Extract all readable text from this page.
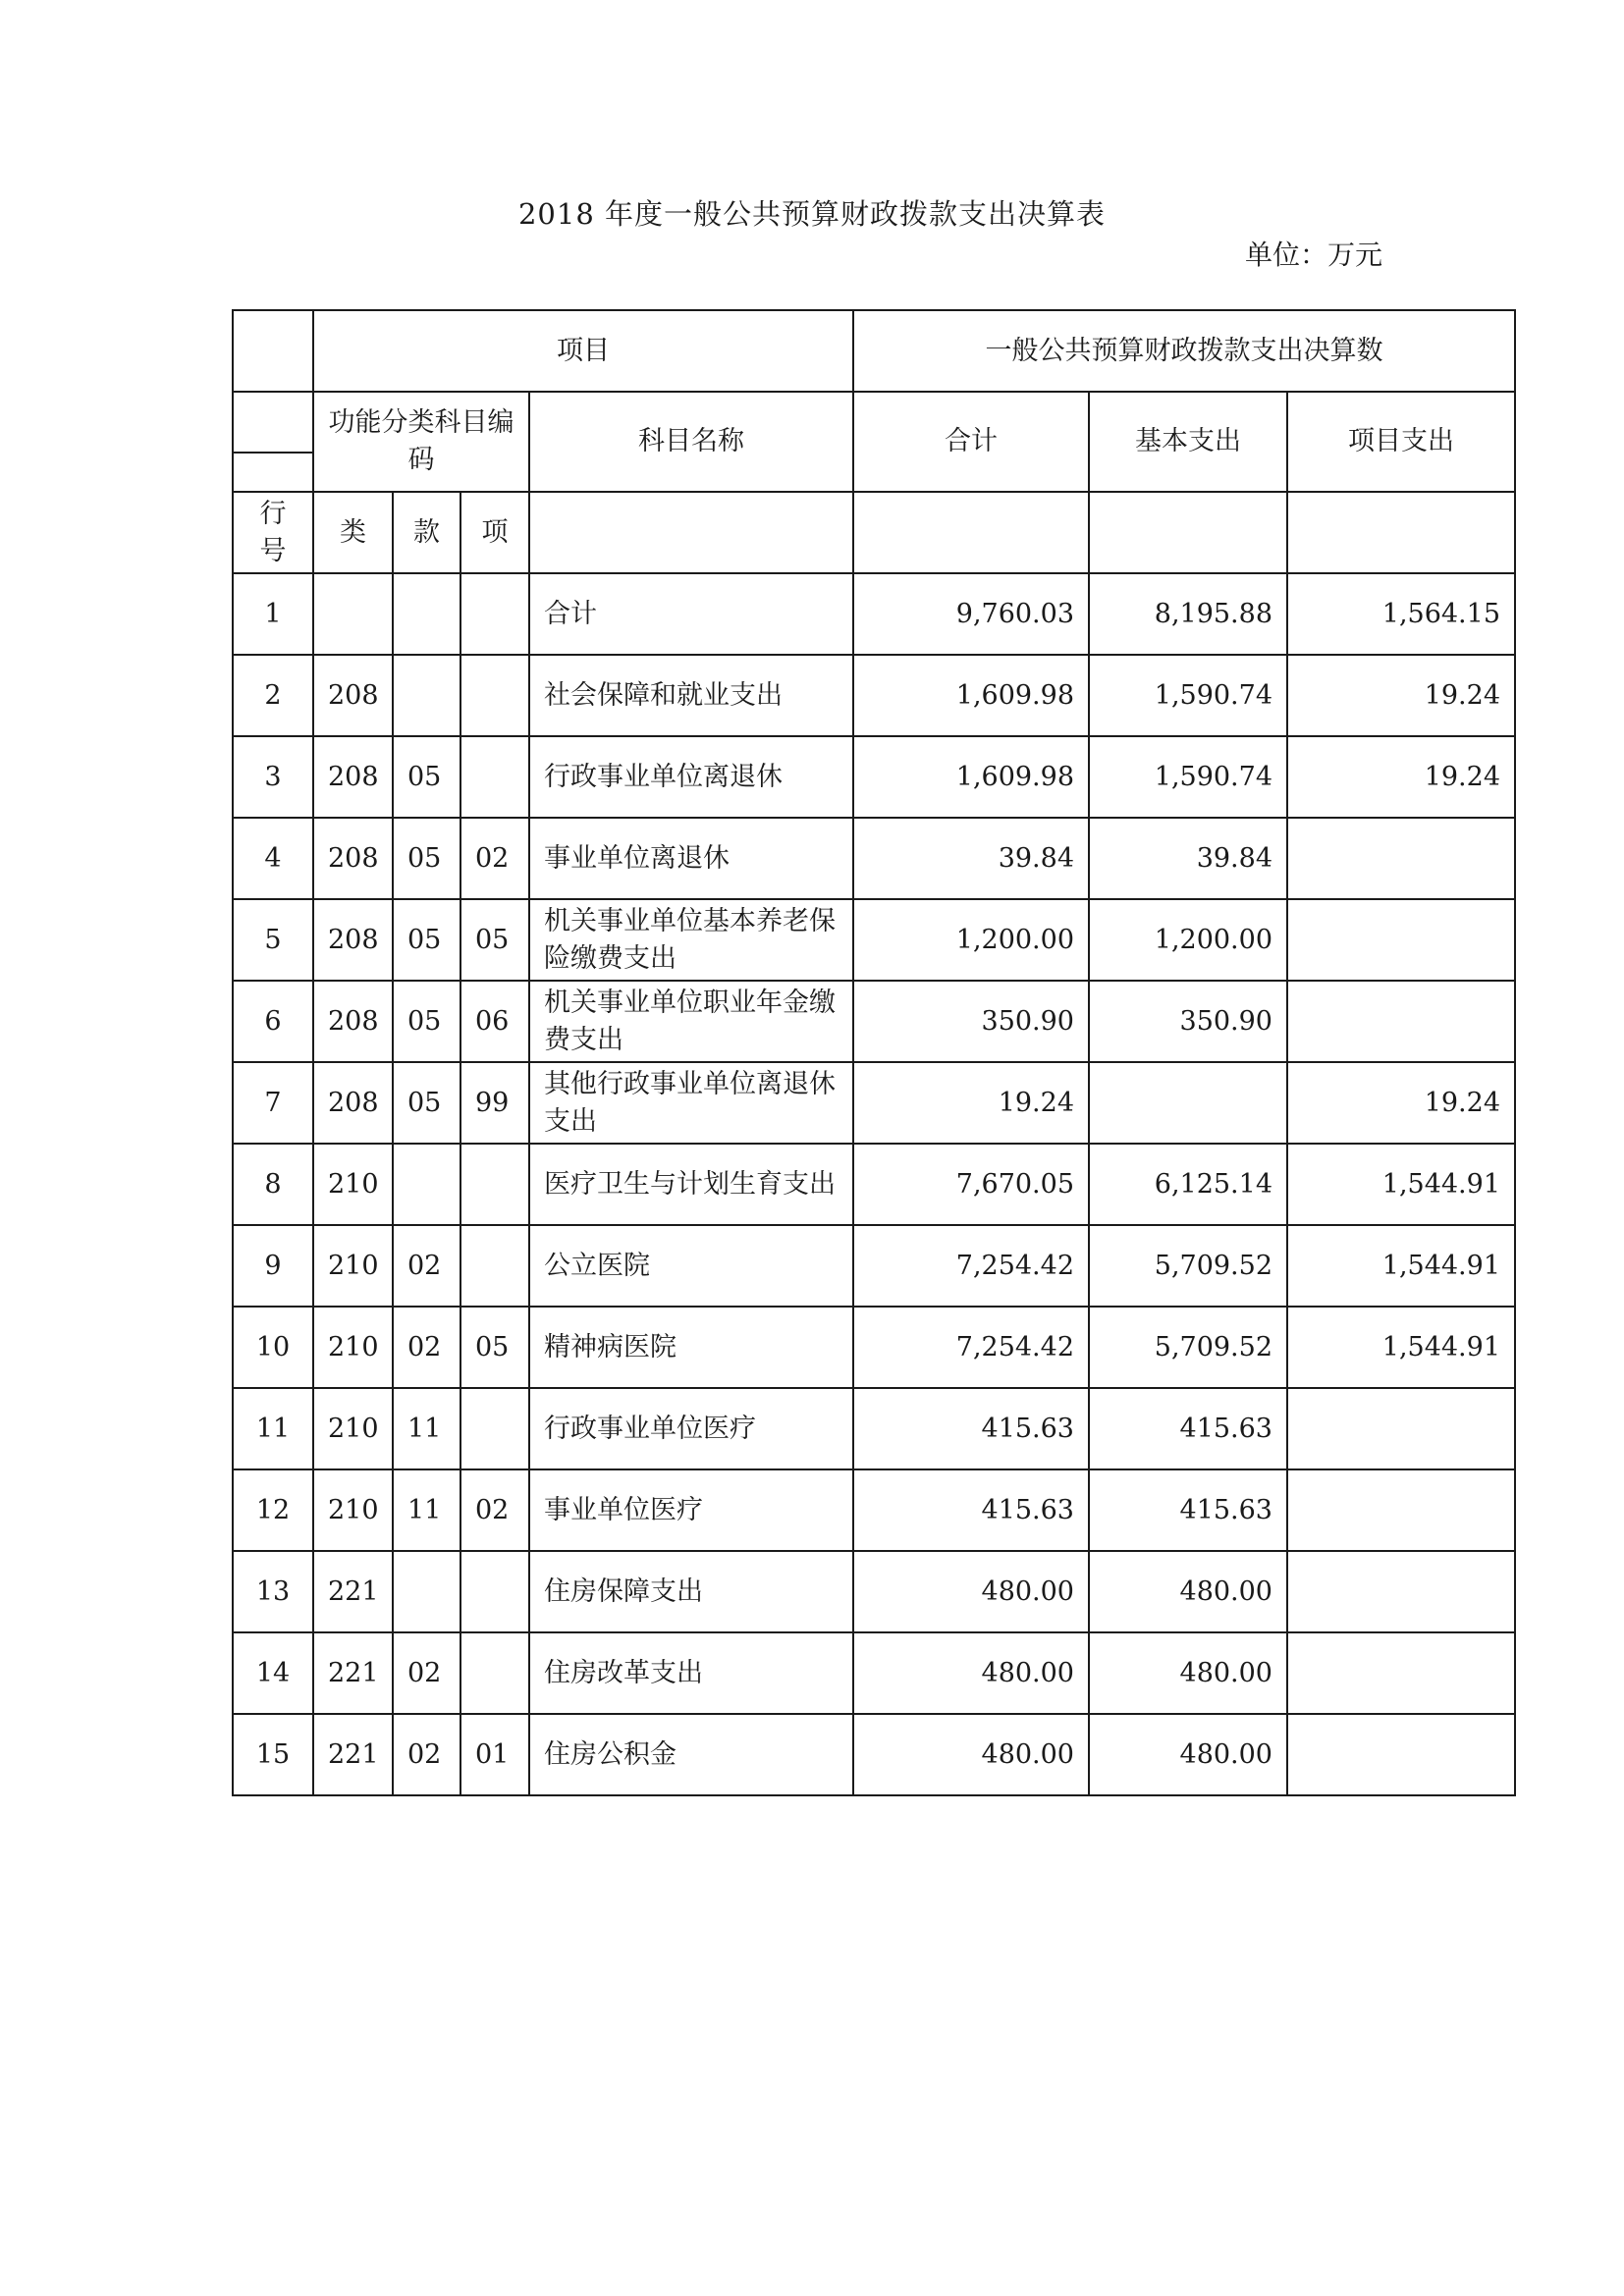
2018 年度一般公共预算财政拨款支出决算表
单位：万元
	项目				一般公共预算财政拨款支出决算数		
	功能分类科目编码			科目名称	合计	基本支出	项目支出

行号	类	款	项				
1				合计	9,760.03	8,195.88	1,564.15
2	208			社会保障和就业支出	1,609.98	1,590.74	19.24
3	208	05		行政事业单位离退休	1,609.98	1,590.74	19.24
4	208	05	02	事业单位离退休	39.84	39.84	
5	208	05	05	机关事业单位基本养老保险缴费支出	1,200.00	1,200.00	
6	208	05	06	机关事业单位职业年金缴费支出	350.90	350.90	
7	208	05	99	其他行政事业单位离退休支出	19.24		19.24
8	210			医疗卫生与计划生育支出	7,670.05	6,125.14	1,544.91
9	210	02		公立医院	7,254.42	5,709.52	1,544.91
10	210	02	05	精神病医院	7,254.42	5,709.52	1,544.91
11	210	11		行政事业单位医疗	415.63	415.63	
12	210	11	02	事业单位医疗	415.63	415.63	
13	221			住房保障支出	480.00	480.00	
14	221	02		住房改革支出	480.00	480.00	
15	221	02	01	住房公积金	480.00	480.00	
